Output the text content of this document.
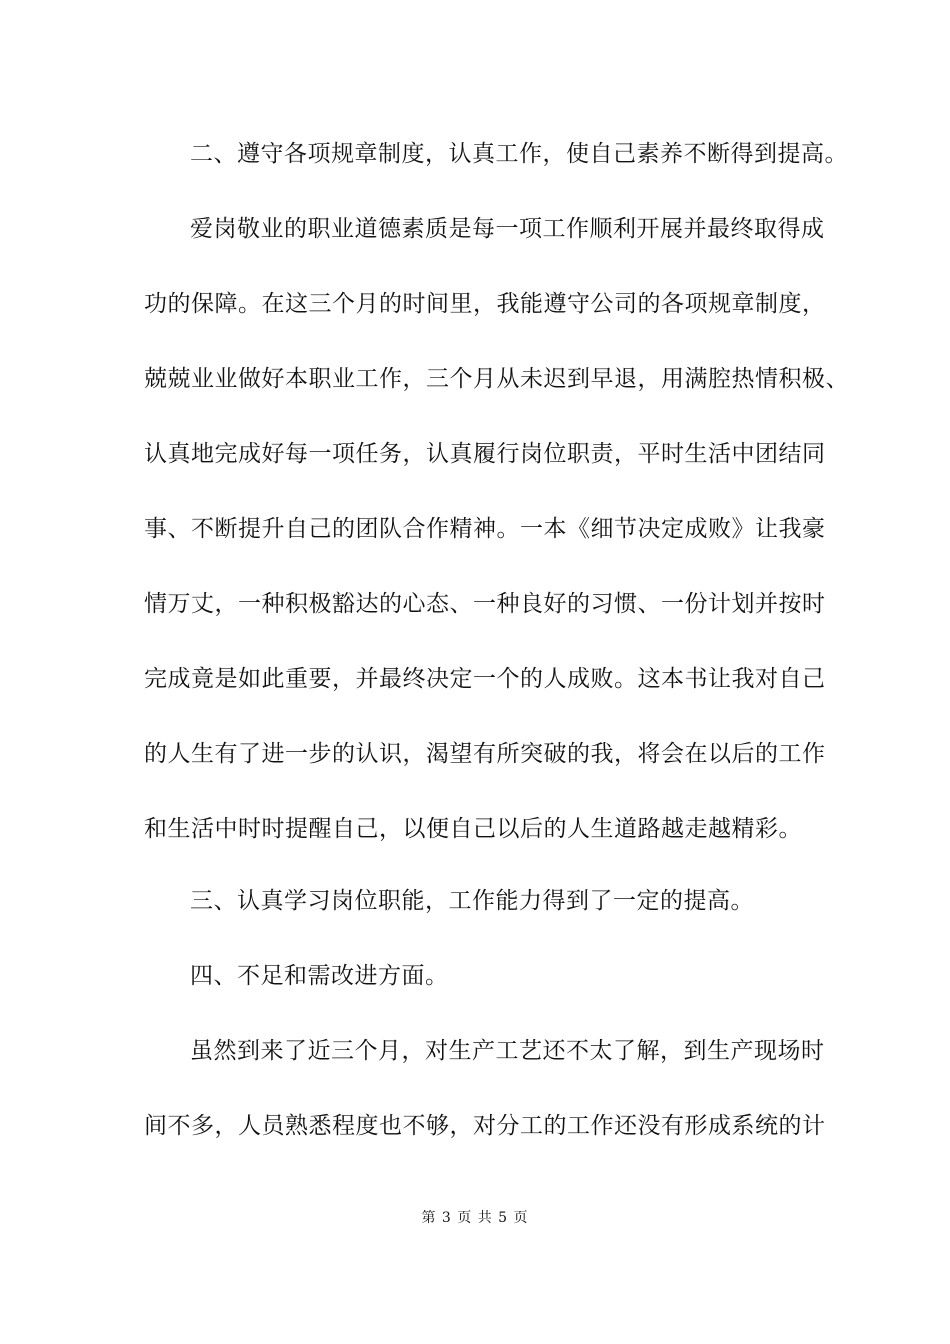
二、遵守各项规章制度，认真工作，使自己素养不断得到提高。
爱岗敬业的职业道德素质是每一项工作顺利开展并最终取得成
功的保障。在这三个月的时间里，我能遵守公司的各项规章制度，
兢兢业业做好本职业工作，三个月从未迟到早退，用满腔热情积极、
认真地完成好每一项任务，认真履行岗位职责，平时生活中团结同
事、不断提升自己的团队合作精神。一本《细节决定成败》让我豪
情万丈，一种积极豁达的心态、一种良好的习惯、一份计划并按时
完成竟是如此重要，并最终决定一个的人成败。这本书让我对自己
的人生有了进一步的认识，渴望有所突破的我，将会在以后的工作
和生活中时时提醒自己，以便自己以后的人生道路越走越精彩。
三、认真学习岗位职能，工作能力得到了一定的提高。
四、不足和需改进方面。
虽然到来了近三个月，对生产工艺还不太了解，到生产现场时
间不多，人员熟悉程度也不够，对分工的工作还没有形成系统的计
第 3 页 共 5 页
